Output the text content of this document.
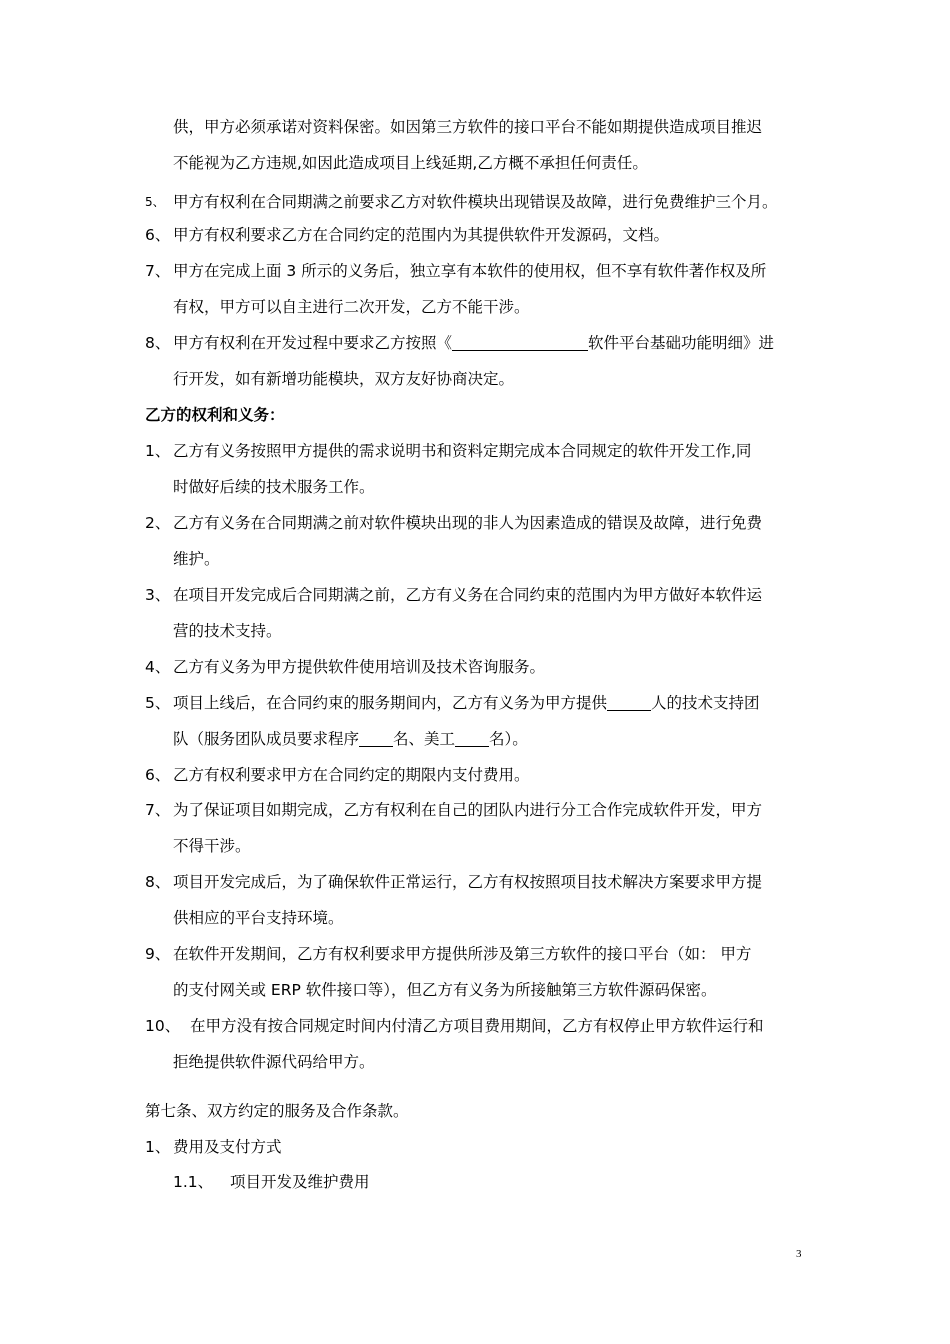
供，甲方必须承诺对资料保密。如因第三方软件的接口平台不能如期提供造成项目推迟
不能视为乙方违规,如因此造成项目上线延期,乙方概不承担任何责任。
5、 甲方有权利在合同期满之前要求乙方对软件模块出现错误及故障，进行免费维护三个月。
6、 甲方有权利要求乙方在合同约定的范围内为其提供软件开发源码，文档。
7、 甲方在完成上面 3 所示的义务后，独立享有本软件的使用权，但不享有软件著作权及所
有权，甲方可以自主进行二次开发，乙方不能干涉。
8、 甲方有权利在开发过程中要求乙方按照《	软件平台基础功能明细》进
行开发，如有新增功能模块，双方友好协商决定。
乙方的权利和义务：
1、 乙方有义务按照甲方提供的需求说明书和资料定期完成本合同规定的软件开发工作,同
时做好后续的技术服务工作。
2、 乙方有义务在合同期满之前对软件模块出现的非人为因素造成的错误及故障，进行免费
维护。
3、 在项目开发完成后合同期满之前，乙方有义务在合同约束的范围内为甲方做好本软件运
营的技术支持。
4、 乙方有义务为甲方提供软件使用培训及技术咨询服务。
5、 项目上线后，在合同约束的服务期间内，乙方有义务为甲方提供	人的技术支持团
队（服务团队成员要求程序 名、美工 名）。
6、 乙方有权利要求甲方在合同约定的期限内支付费用。
7、 为了保证项目如期完成，乙方有权利在自己的团队内进行分工合作完成软件开发，甲方
不得干涉。
8、 项目开发完成后，为了确保软件正常运行，乙方有权按照项目技术解决方案要求甲方提
供相应的平台支持环境。
9、 在软件开发期间，乙方有权利要求甲方提供所涉及第三方软件的接口平台（如： 甲方
的支付网关或 ERP 软件接口等），但乙方有义务为所接触第三方软件源码保密。
10、 在甲方没有按合同规定时间内付清乙方项目费用期间，乙方有权停止甲方软件运行和
拒绝提供软件源代码给甲方。
第七条、双方约定的服务及合作条款。
1、 费用及支付方式
1.1、 项目开发及维护费用
3
